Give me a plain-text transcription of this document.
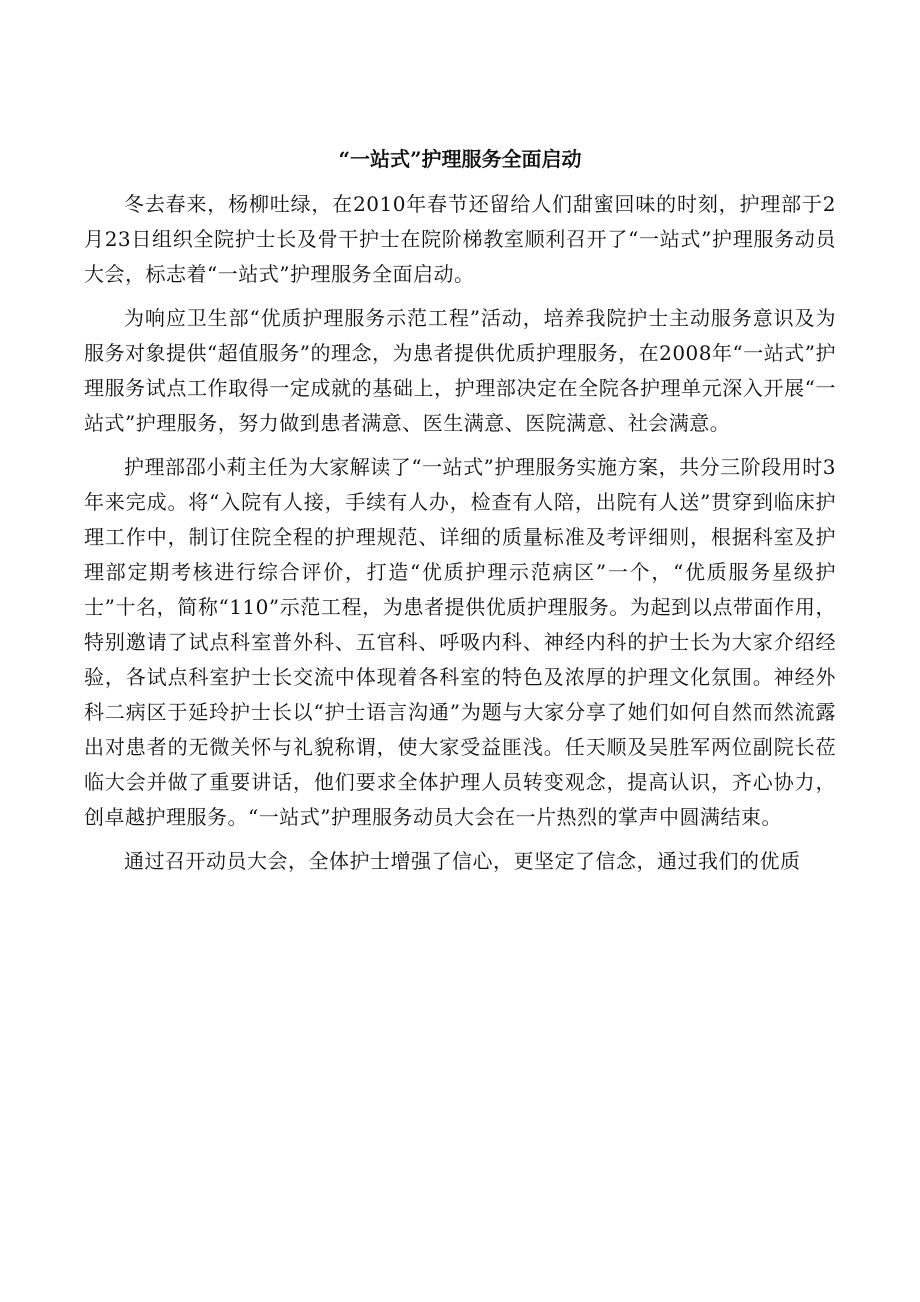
“一站式”护理服务全面启动

冬去春来，杨柳吐绿，在2010年春节还留给人们甜蜜回味的时刻，护理部于2月23日组织全院护士长及骨干护士在院阶梯教室顺利召开了“一站式”护理服务动员大会，标志着“一站式”护理服务全面启动。

为响应卫生部“优质护理服务示范工程”活动，培养我院护士主动服务意识及为服务对象提供“超值服务”的理念，为患者提供优质护理服务，在2008年“一站式”护理服务试点工作取得一定成就的基础上，护理部决定在全院各护理单元深入开展“一站式”护理服务，努力做到患者满意、医生满意、医院满意、社会满意。

护理部邵小莉主任为大家解读了“一站式”护理服务实施方案，共分三阶段用时3年来完成。将“入院有人接，手续有人办，检查有人陪，出院有人送”贯穿到临床护理工作中，制订住院全程的护理规范、详细的质量标准及考评细则，根据科室及护理部定期考核进行综合评价，打造“优质护理示范病区”一个，“优质服务星级护士”十名，简称“110”示范工程，为患者提供优质护理服务。为起到以点带面作用，特别邀请了试点科室普外科、五官科、呼吸内科、神经内科的护士长为大家介绍经验，各试点科室护士长交流中体现着各科室的特色及浓厚的护理文化氛围。神经外科二病区于延玲护士长以“护士语言沟通”为题与大家分享了她们如何自然而然流露出对患者的无微关怀与礼貌称谓，使大家受益匪浅。任天顺及吴胜军两位副院长莅临大会并做了重要讲话，他们要求全体护理人员转变观念，提高认识，齐心协力，创卓越护理服务。“一站式”护理服务动员大会在一片热烈的掌声中圆满结束。

通过召开动员大会，全体护士增强了信心，更坚定了信念，通过我们的优质
